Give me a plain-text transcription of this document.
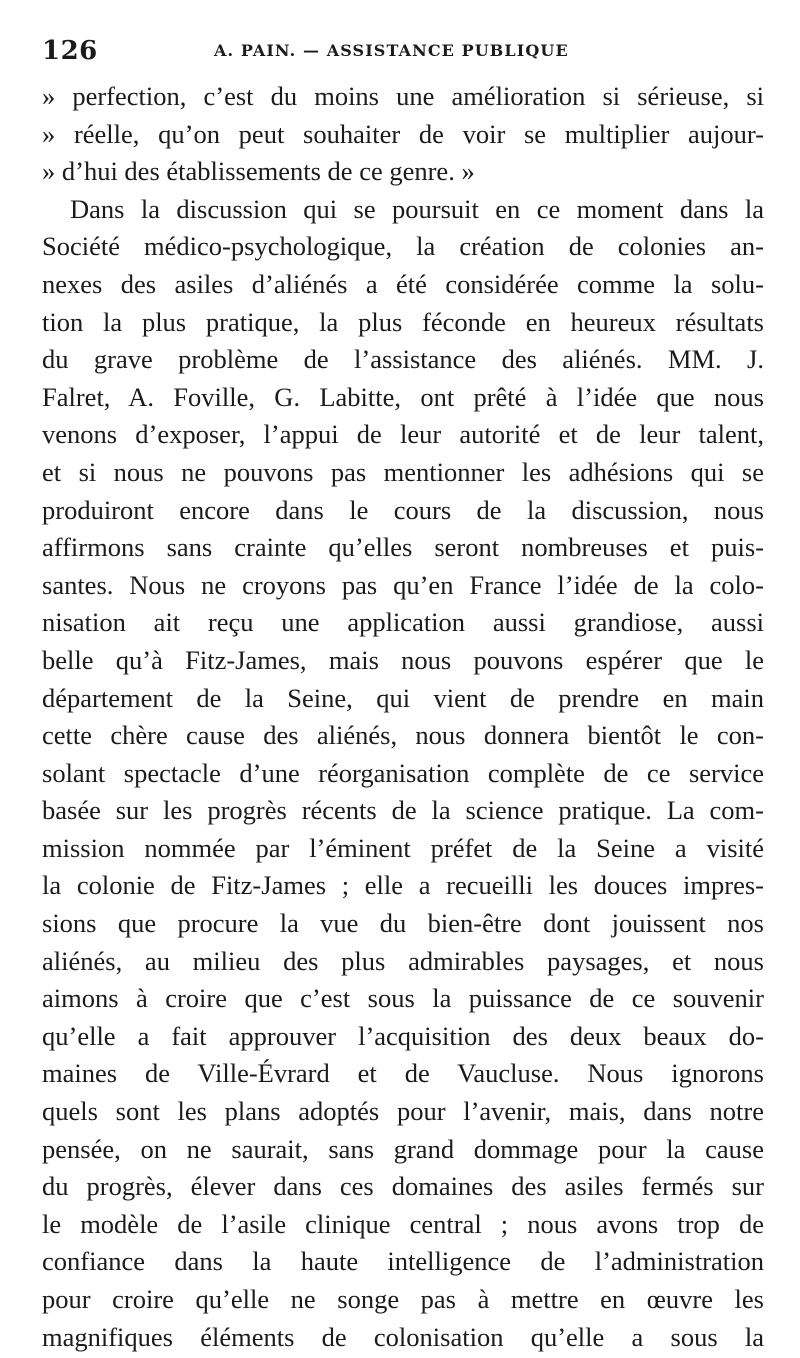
126	A. PAIN. — ASSISTANCE PUBLIQUE
» perfection, c’est du moins une amélioration si sérieuse, si
» réelle, qu’on peut souhaiter de voir se multiplier aujour-
» d’hui des établissements de ce genre. »
Dans la discussion qui se poursuit en ce moment dans la
Société médico-psychologique, la création de colonies an-
nexes des asiles d’aliénés a été considérée comme la solu-
tion la plus pratique, la plus féconde en heureux résultats
du grave problème de l’assistance des aliénés. MM. J.
Falret, A. Foville, G. Labitte, ont prêté à l’idée que nous
venons d’exposer, l’appui de leur autorité et de leur talent,
et si nous ne pouvons pas mentionner les adhésions qui se
produiront encore dans le cours de la discussion, nous
affirmons sans crainte qu’elles seront nombreuses et puis-
santes. Nous ne croyons pas qu’en France l’idée de la colo-
nisation ait reçu une application aussi grandiose, aussi
belle qu’à Fitz-James, mais nous pouvons espérer que le
département de la Seine, qui vient de prendre en main
cette chère cause des aliénés, nous donnera bientôt le con-
solant spectacle d’une réorganisation complète de ce service
basée sur les progrès récents de la science pratique. La com-
mission nommée par l’éminent préfet de la Seine a visité
la colonie de Fitz-James ; elle a recueilli les douces impres-
sions que procure la vue du bien-être dont jouissent nos
aliénés, au milieu des plus admirables paysages, et nous
aimons à croire que c’est sous la puissance de ce souvenir
qu’elle a fait approuver l’acquisition des deux beaux do-
maines de Ville-Évrard et de Vaucluse. Nous ignorons
quels sont les plans adoptés pour l’avenir, mais, dans notre
pensée, on ne saurait, sans grand dommage pour la cause
du progrès, élever dans ces domaines des asiles fermés sur
le modèle de l’asile clinique central ; nous avons trop de
confiance dans la haute intelligence de l’administration
pour croire qu’elle ne songe pas à mettre en œuvre les
magnifiques éléments de colonisation qu’elle a sous la
